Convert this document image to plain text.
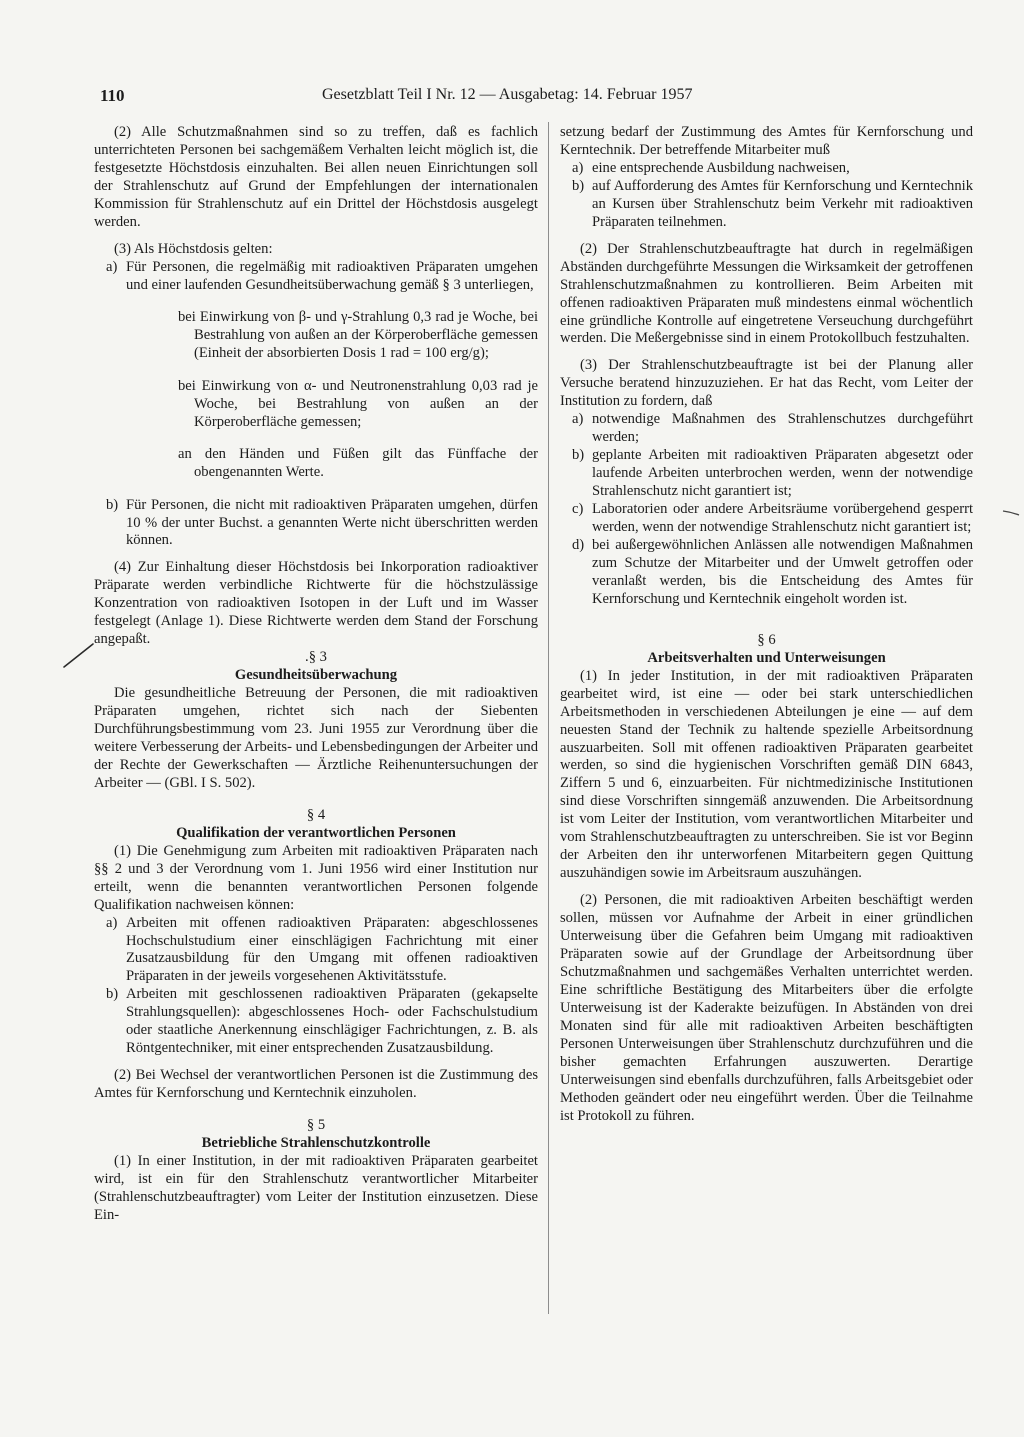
110	Gesetzblatt Teil I Nr. 12 — Ausgabetag: 14. Februar 1957

(2) Alle Schutzmaßnahmen sind so zu treffen, daß es fachlich unterrichteten Personen bei sachgemäßem Verhalten leicht möglich ist, die festgesetzte Höchstdosis einzuhalten. Bei allen neuen Einrichtungen soll der Strahlenschutz auf Grund der Empfehlungen der internationalen Kommission für Strahlenschutz auf ein Drittel der Höchstdosis ausgelegt werden.

(3) Als Höchstdosis gelten:

a) Für Personen, die regelmäßig mit radioaktiven Präparaten umgehen und einer laufenden Gesundheitsüberwachung gemäß § 3 unterliegen,

bei Einwirkung von β- und γ-Strahlung 0,3 rad je Woche, bei Bestrahlung von außen an der Körperoberfläche gemessen (Einheit der absorbierten Dosis 1 rad = 100 erg/g);

bei Einwirkung von α- und Neutronenstrahlung 0,03 rad je Woche, bei Bestrahlung von außen an der Körperoberfläche gemessen;

an den Händen und Füßen gilt das Fünffache der obengenannten Werte.

b) Für Personen, die nicht mit radioaktiven Präparaten umgehen, dürfen 10 % der unter Buchst. a genannten Werte nicht überschritten werden können.

(4) Zur Einhaltung dieser Höchstdosis bei Inkorporation radioaktiver Präparate werden verbindliche Richtwerte für die höchstzulässige Konzentration von radioaktiven Isotopen in der Luft und im Wasser festgelegt (Anlage 1). Diese Richtwerte werden dem Stand der Forschung angepaßt.

.§ 3

Gesundheitsüberwachung

Die gesundheitliche Betreuung der Personen, die mit radioaktiven Präparaten umgehen, richtet sich nach der Siebenten Durchführungsbestimmung vom 23. Juni 1955 zur Verordnung über die weitere Verbesserung der Arbeits- und Lebensbedingungen der Arbeiter und der Rechte der Gewerkschaften — Ärztliche Reihenuntersuchungen der Arbeiter — (GBl. I S. 502).

§ 4

Qualifikation der verantwortlichen Personen

(1) Die Genehmigung zum Arbeiten mit radioaktiven Präparaten nach §§ 2 und 3 der Verordnung vom 1. Juni 1956 wird einer Institution nur erteilt, wenn die benannten verantwortlichen Personen folgende Qualifikation nachweisen können:

a) Arbeiten mit offenen radioaktiven Präparaten: abgeschlossenes Hochschulstudium einer einschlägigen Fachrichtung mit einer Zusatzausbildung für den Umgang mit offenen radioaktiven Präparaten in der jeweils vorgesehenen Aktivitätsstufe.
b) Arbeiten mit geschlossenen radioaktiven Präparaten (gekapselte Strahlungsquellen): abgeschlossenes Hoch- oder Fachschulstudium oder staatliche Anerkennung einschlägiger Fachrichtungen, z. B. als Röntgentechniker, mit einer entsprechenden Zusatzausbildung.

(2) Bei Wechsel der verantwortlichen Personen ist die Zustimmung des Amtes für Kernforschung und Kerntechnik einzuholen.

§ 5

Betriebliche Strahlenschutzkontrolle

(1) In einer Institution, in der mit radioaktiven Präparaten gearbeitet wird, ist ein für den Strahlenschutz verantwortlicher Mitarbeiter (Strahlenschutzbeauftragter) vom Leiter der Institution einzusetzen. Diese Ein-

setzung bedarf der Zustimmung des Amtes für Kernforschung und Kerntechnik. Der betreffende Mitarbeiter muß

a) eine entsprechende Ausbildung nachweisen,
b) auf Aufforderung des Amtes für Kernforschung und Kerntechnik an Kursen über Strahlenschutz beim Verkehr mit radioaktiven Präparaten teilnehmen.

(2) Der Strahlenschutzbeauftragte hat durch in regelmäßigen Abständen durchgeführte Messungen die Wirksamkeit der getroffenen Strahlenschutzmaßnahmen zu kontrollieren. Beim Arbeiten mit offenen radioaktiven Präparaten muß mindestens einmal wöchentlich eine gründliche Kontrolle auf eingetretene Verseuchung durchgeführt werden. Die Meßergebnisse sind in einem Protokollbuch festzuhalten.

(3) Der Strahlenschutzbeauftragte ist bei der Planung aller Versuche beratend hinzuzuziehen. Er hat das Recht, vom Leiter der Institution zu fordern, daß

a) notwendige Maßnahmen des Strahlenschutzes durchgeführt werden;
b) geplante Arbeiten mit radioaktiven Präparaten abgesetzt oder laufende Arbeiten unterbrochen werden, wenn der notwendige Strahlenschutz nicht garantiert ist;
c) Laboratorien oder andere Arbeitsräume vorübergehend gesperrt werden, wenn der notwendige Strahlenschutz nicht garantiert ist;
d) bei außergewöhnlichen Anlässen alle notwendigen Maßnahmen zum Schutze der Mitarbeiter und der Umwelt getroffen oder veranlaßt werden, bis die Entscheidung des Amtes für Kernforschung und Kerntechnik eingeholt worden ist.

§ 6

Arbeitsverhalten und Unterweisungen

(1) In jeder Institution, in der mit radioaktiven Präparaten gearbeitet wird, ist eine — oder bei stark unterschiedlichen Arbeitsmethoden in verschiedenen Abteilungen je eine — auf dem neuesten Stand der Technik zu haltende spezielle Arbeitsordnung auszuarbeiten. Soll mit offenen radioaktiven Präparaten gearbeitet werden, so sind die hygienischen Vorschriften gemäß DIN 6843, Ziffern 5 und 6, einzuarbeiten. Für nichtmedizinische Institutionen sind diese Vorschriften sinngemäß anzuwenden. Die Arbeitsordnung ist vom Leiter der Institution, vom verantwortlichen Mitarbeiter und vom Strahlenschutzbeauftragten zu unterschreiben. Sie ist vor Beginn der Arbeiten den ihr unterworfenen Mitarbeitern gegen Quittung auszuhändigen sowie im Arbeitsraum auszuhängen.

(2) Personen, die mit radioaktiven Arbeiten beschäftigt werden sollen, müssen vor Aufnahme der Arbeit in einer gründlichen Unterweisung über die Gefahren beim Umgang mit radioaktiven Präparaten sowie auf der Grundlage der Arbeitsordnung über Schutzmaßnahmen und sachgemäßes Verhalten unterrichtet werden. Eine schriftliche Bestätigung des Mitarbeiters über die erfolgte Unterweisung ist der Kaderakte beizufügen. In Abständen von drei Monaten sind für alle mit radioaktiven Arbeiten beschäftigten Personen Unterweisungen über Strahlenschutz durchzuführen und die bisher gemachten Erfahrungen auszuwerten. Derartige Unterweisungen sind ebenfalls durchzuführen, falls Arbeitsgebiet oder Methoden geändert oder neu eingeführt werden. Über die Teilnahme ist Protokoll zu führen.
